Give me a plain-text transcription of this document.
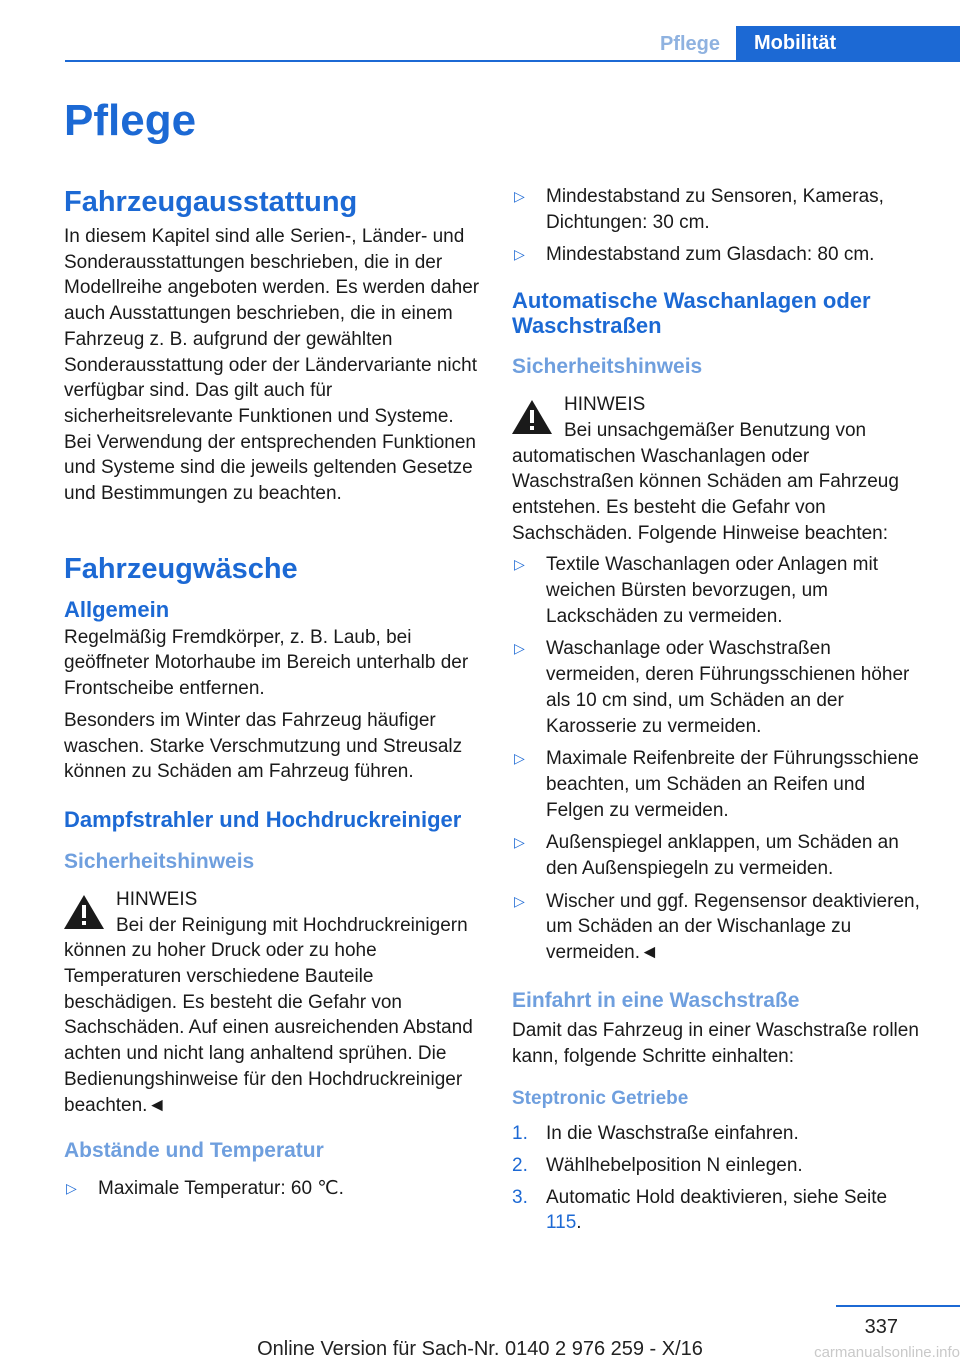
Pflege	Mobilität
Pflege
Fahrzeugausstattung

In diesem Kapitel sind alle Serien-, Länder- und Sonderausstattungen beschrieben, die in der Modellreihe angeboten werden. Es werden daher auch Ausstattungen beschrieben, die in einem Fahrzeug z. B. aufgrund der gewählten Sonderausstattung oder der Ländervariante nicht verfügbar sind. Das gilt auch für sicherheitsrelevante Funktionen und Systeme. Bei Verwendung der entsprechenden Funktionen und Systeme sind die jeweils geltenden Gesetze und Bestimmungen zu beachten.

Fahrzeugwäsche
Allgemein

Regelmäßig Fremdkörper, z. B. Laub, bei geöffneter Motorhaube im Bereich unterhalb der Frontscheibe entfernen.

Besonders im Winter das Fahrzeug häufiger waschen. Starke Verschmutzung und Streusalz können zu Schäden am Fahrzeug führen.

Dampfstrahler und Hochdruckreiniger
Sicherheitshinweis
HINWEIS

Bei der Reinigung mit Hochdruckreinigern können zu hoher Druck oder zu hohe Temperaturen verschiedene Bauteile beschädigen. Es besteht die Gefahr von Sachschäden. Auf einen ausreichenden Abstand achten und nicht lang anhaltend sprühen. Die Bedienungshinweise für den Hochdruckreiniger beachten.◄

Abstände und Temperatur
▷ Maximale Temperatur: 60 ℃.
▷ Mindestabstand zu Sensoren, Kameras, Dichtungen: 30 cm.
▷ Mindestabstand zum Glasdach: 80 cm.
Automatische Waschanlagen oder Waschstraßen
Sicherheitshinweis
HINWEIS

Bei unsachgemäßer Benutzung von automatischen Waschanlagen oder Waschstraßen können Schäden am Fahrzeug entstehen. Es besteht die Gefahr von Sachschäden. Folgende Hinweise beachten:

▷ Textile Waschanlagen oder Anlagen mit weichen Bürsten bevorzugen, um Lackschäden zu vermeiden.
▷ Waschanlage oder Waschstraßen vermeiden, deren Führungsschienen höher als 10 cm sind, um Schäden an der Karosserie zu vermeiden.
▷ Maximale Reifenbreite der Führungsschiene beachten, um Schäden an Reifen und Felgen zu vermeiden.
▷ Außenspiegel anklappen, um Schäden an den Außenspiegeln zu vermeiden.
▷ Wischer und ggf. Regensensor deaktivieren, um Schäden an der Wischanlage zu vermeiden.◄
Einfahrt in eine Waschstraße

Damit das Fahrzeug in einer Waschstraße rollen kann, folgende Schritte einhalten:

Steptronic Getriebe
1. In die Waschstraße einfahren.
2. Wählhebelposition N einlegen.
3. Automatic Hold deaktivieren, siehe Seite 115.
337
Online Version für Sach-Nr. 0140 2 976 259 - X/16	carmanualsonline.info
